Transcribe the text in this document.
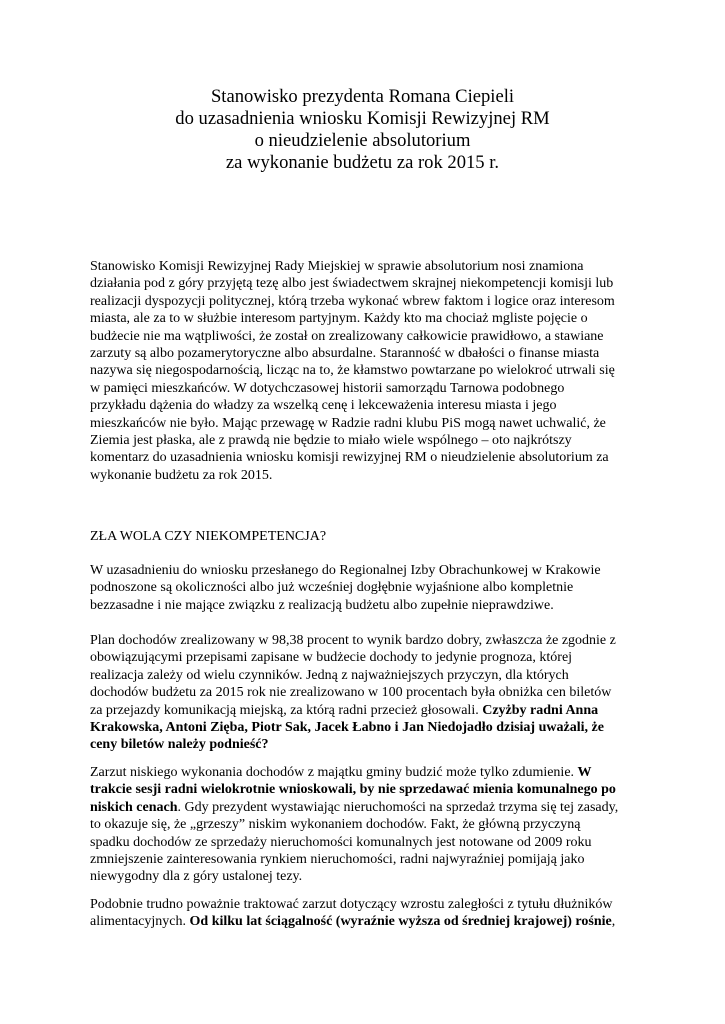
Stanowisko prezydenta Romana Ciepieli
do uzasadnienia wniosku Komisji Rewizyjnej RM
o nieudzielenie absolutorium
za wykonanie budżetu za rok 2015 r.
Stanowisko Komisji Rewizyjnej Rady Miejskiej w sprawie absolutorium nosi znamiona
działania pod z góry przyjętą tezę albo jest świadectwem skrajnej niekompetencji komisji lub
realizacji dyspozycji politycznej, którą trzeba wykonać wbrew faktom i logice oraz interesom
miasta, ale za to w służbie interesom partyjnym. Każdy kto ma chociaż mgliste pojęcie o
budżecie nie ma wątpliwości, że został on zrealizowany całkowicie prawidłowo, a stawiane
zarzuty są albo pozamerytoryczne albo absurdalne. Staranność w dbałości o finanse miasta
nazywa się niegospodarnością, licząc na to, że kłamstwo powtarzane po wielokroć utrwali się
w pamięci mieszkańców. W dotychczasowej historii samorządu Tarnowa podobnego
przykładu dążenia do władzy za wszelką cenę i lekceważenia interesu miasta i jego
mieszkańców nie było. Mając przewagę w Radzie radni klubu PiS mogą nawet uchwalić, że
Ziemia jest płaska, ale z prawdą nie będzie to miało wiele wspólnego – oto najkrótszy
komentarz do uzasadnienia wniosku komisji rewizyjnej RM o nieudzielenie absolutorium za
wykonanie budżetu za rok 2015.
ZŁA WOLA CZY NIEKOMPETENCJA?
W uzasadnieniu do wniosku przesłanego do Regionalnej Izby Obrachunkowej w Krakowie
podnoszone są okoliczności albo już wcześniej dogłębnie wyjaśnione albo kompletnie
bezzasadne i nie mające związku z realizacją budżetu albo zupełnie nieprawdziwe.
Plan dochodów zrealizowany w 98,38 procent to wynik bardzo dobry, zwłaszcza że zgodnie z
obowiązującymi przepisami zapisane w budżecie dochody to jedynie prognoza, której
realizacja zależy od wielu czynników. Jedną z najważniejszych przyczyn, dla których
dochodów budżetu za 2015 rok nie zrealizowano w 100 procentach była obniżka cen biletów
za przejazdy komunikacją miejską, za którą radni przecież głosowali. Czyżby radni Anna
Krakowska, Antoni Zięba, Piotr Sak, Jacek Łabno i Jan Niedojadło dzisiaj uważali, że
ceny biletów należy podnieść?
Zarzut niskiego wykonania dochodów z majątku gminy budzić może tylko zdumienie. W
trakcie sesji radni wielokrotnie wnioskowali, by nie sprzedawać mienia komunalnego po
niskich cenach. Gdy prezydent wystawiając nieruchomości na sprzedaż trzyma się tej zasady,
to okazuje się, że „grzeszy” niskim wykonaniem dochodów. Fakt, że główną przyczyną
spadku dochodów ze sprzedaży nieruchomości komunalnych jest notowane od 2009 roku
zmniejszenie zainteresowania rynkiem nieruchomości, radni najwyraźniej pomijają jako
niewygodny dla z góry ustalonej tezy.
Podobnie trudno poważnie traktować zarzut dotyczący wzrostu zaległości z tytułu dłużników
alimentacyjnych. Od kilku lat ściągalność (wyraźnie wyższa od średniej krajowej) rośnie,
